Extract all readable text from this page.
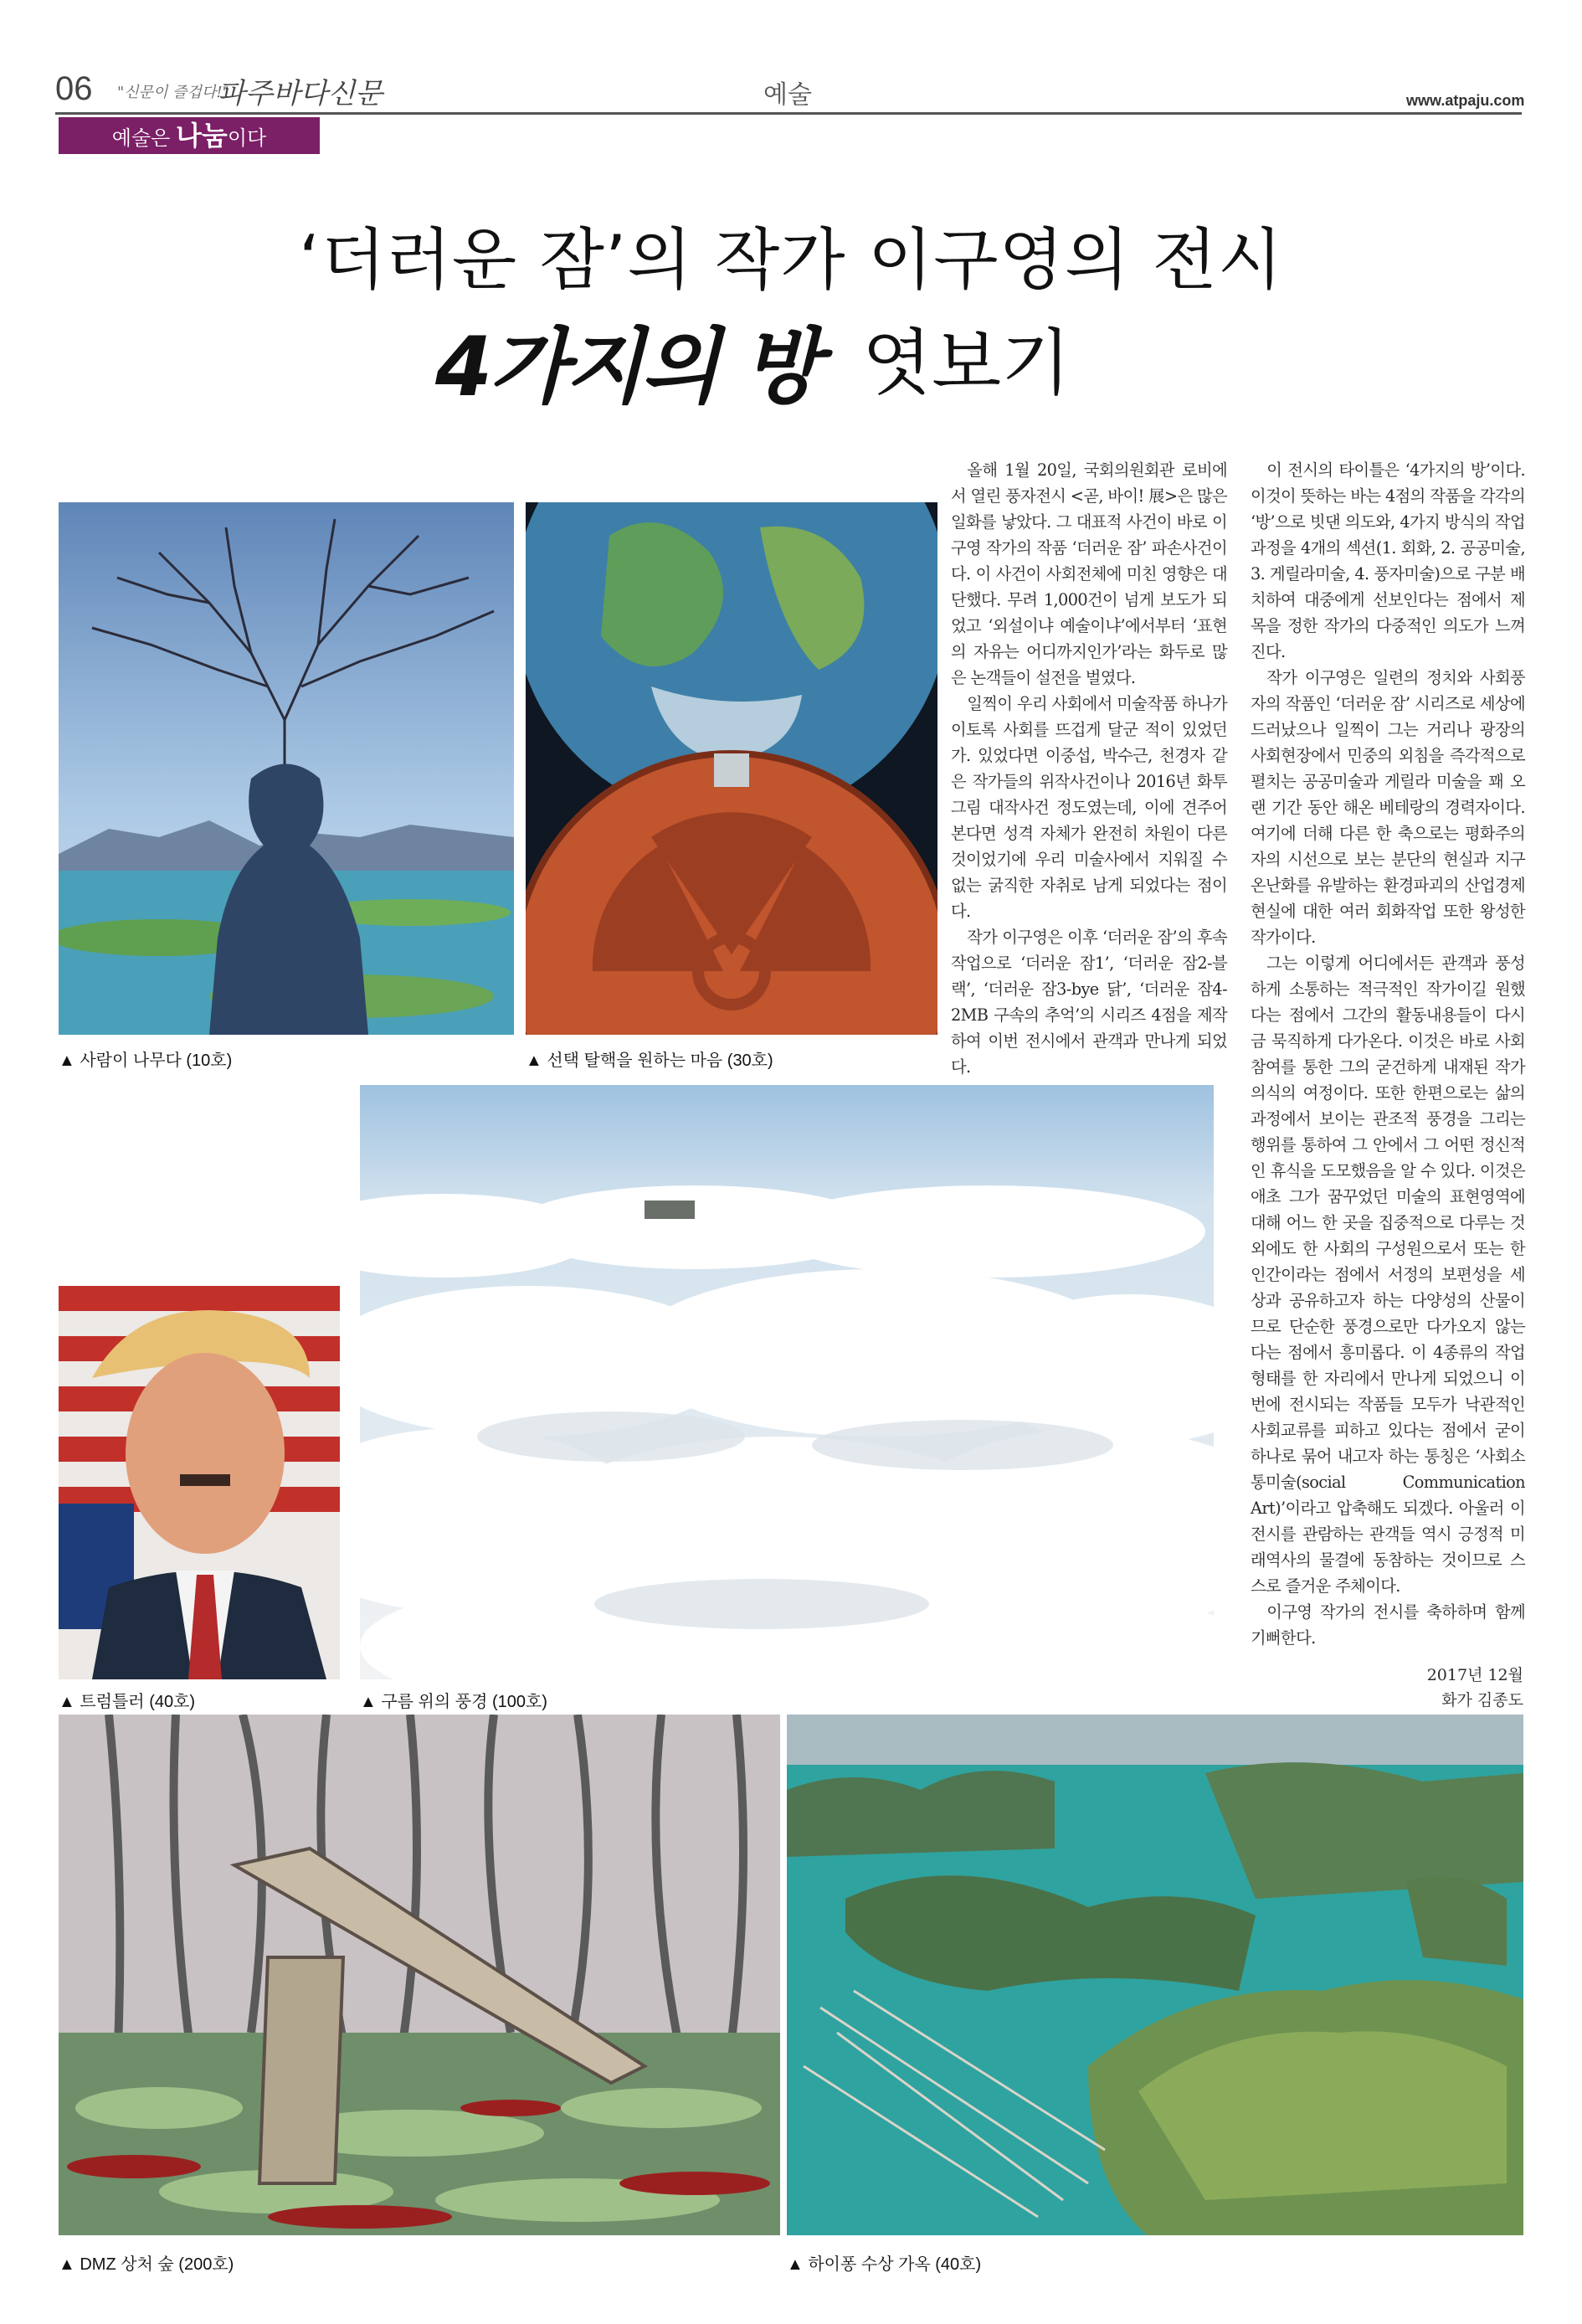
06 "신문이 즐겁다!"
파주바다신문	예술	www.atpaju.com
예술은 나눔이다
‘더러운 잠’의 작가 이구영의 전시
4가지의 방 엿보기
▲ 사람이 나무다 (10호)	▲ 선택 탈핵을 원하는 마음 (30호)
▲ 트럼틀러 (40호)	▲ 구름 위의 풍경 (100호)
▲ DMZ 상처 숲 (200호)	▲ 하이퐁 수상 가옥 (40호)

올해 1월 20일, 국회의원회관 로비에서 열린 풍자전시 <곧, 바이! 展>은 많은 일화를 낳았다. 그 대표적 사건이 바로 이구영 작가의 작품 ‘더러운 잠’ 파손사건이다. 이 사건이 사회전체에 미친 영향은 대단했다. 무려 1,000건이 넘게 보도가 되었고 ‘외설이냐 예술이냐’에서부터 ‘표현의 자유는 어디까지인가’라는 화두로 많은 논객들이 설전을 벌였다.

일찍이 우리 사회에서 미술작품 하나가 이토록 사회를 뜨겁게 달군 적이 있었던가. 있었다면 이중섭, 박수근, 천경자 같은 작가들의 위작사건이나 2016년 화투그림 대작사건 정도였는데, 이에 견주어 본다면 성격 자체가 완전히 차원이 다른 것이었기에 우리 미술사에서 지워질 수 없는 굵직한 자취로 남게 되었다는 점이다.

작가 이구영은 이후 ‘더러운 잠’의 후속작업으로 ‘더러운 잠1’, ‘더러운 잠2-블랙’, ‘더러운 잠3-bye 닭’, ‘더러운 잠4-2MB 구속의 추억’의 시리즈 4점을 제작하여 이번 전시에서 관객과 만나게 되었다.

이 전시의 타이틀은 ‘4가지의 방’이다. 이것이 뜻하는 바는 4점의 작품을 각각의 ‘방’으로 빗댄 의도와, 4가지 방식의 작업과정을 4개의 섹션(1. 회화, 2. 공공미술, 3. 게릴라미술, 4. 풍자미술)으로 구분 배치하여 대중에게 선보인다는 점에서 제목을 정한 작가의 다중적인 의도가 느껴진다.

작가 이구영은 일련의 정치와 사회풍자의 작품인 ‘더러운 잠’ 시리즈로 세상에 드러났으나 일찍이 그는 거리나 광장의 사회현장에서 민중의 외침을 즉각적으로 펼치는 공공미술과 게릴라 미술을 꽤 오랜 기간 동안 해온 베테랑의 경력자이다. 여기에 더해 다른 한 축으로는 평화주의자의 시선으로 보는 분단의 현실과 지구 온난화를 유발하는 환경파괴의 산업경제 현실에 대한 여러 회화작업 또한 왕성한 작가이다.

그는 이렇게 어디에서든 관객과 풍성하게 소통하는 적극적인 작가이길 원했다는 점에서 그간의 활동내용들이 다시금 묵직하게 다가온다. 이것은 바로 사회참여를 통한 그의 굳건하게 내재된 작가의식의 여정이다. 또한 한편으로는 삶의 과정에서 보이는 관조적 풍경을 그리는 행위를 통하여 그 안에서 그 어떤 정신적인 휴식을 도모했음을 알 수 있다. 이것은 애초 그가 꿈꾸었던 미술의 표현영역에 대해 어느 한 곳을 집중적으로 다루는 것 외에도 한 사회의 구성원으로서 또는 한 인간이라는 점에서 서정의 보편성을 세상과 공유하고자 하는 다양성의 산물이므로 단순한 풍경으로만 다가오지 않는다는 점에서 흥미롭다. 이 4종류의 작업형태를 한 자리에서 만나게 되었으니 이번에 전시되는 작품들 모두가 낙관적인 사회교류를 피하고 있다는 점에서 굳이 하나로 묶어 내고자 하는 통칭은 ‘사회소통미술(social Communication Art)’이라고 압축해도 되겠다. 아울러 이 전시를 관람하는 관객들 역시 긍정적 미래역사의 물결에 동참하는 것이므로 스스로 즐거운 주체이다.

이구영 작가의 전시를 축하하며 함께 기뻐한다.

2017년 12월
화가 김종도
